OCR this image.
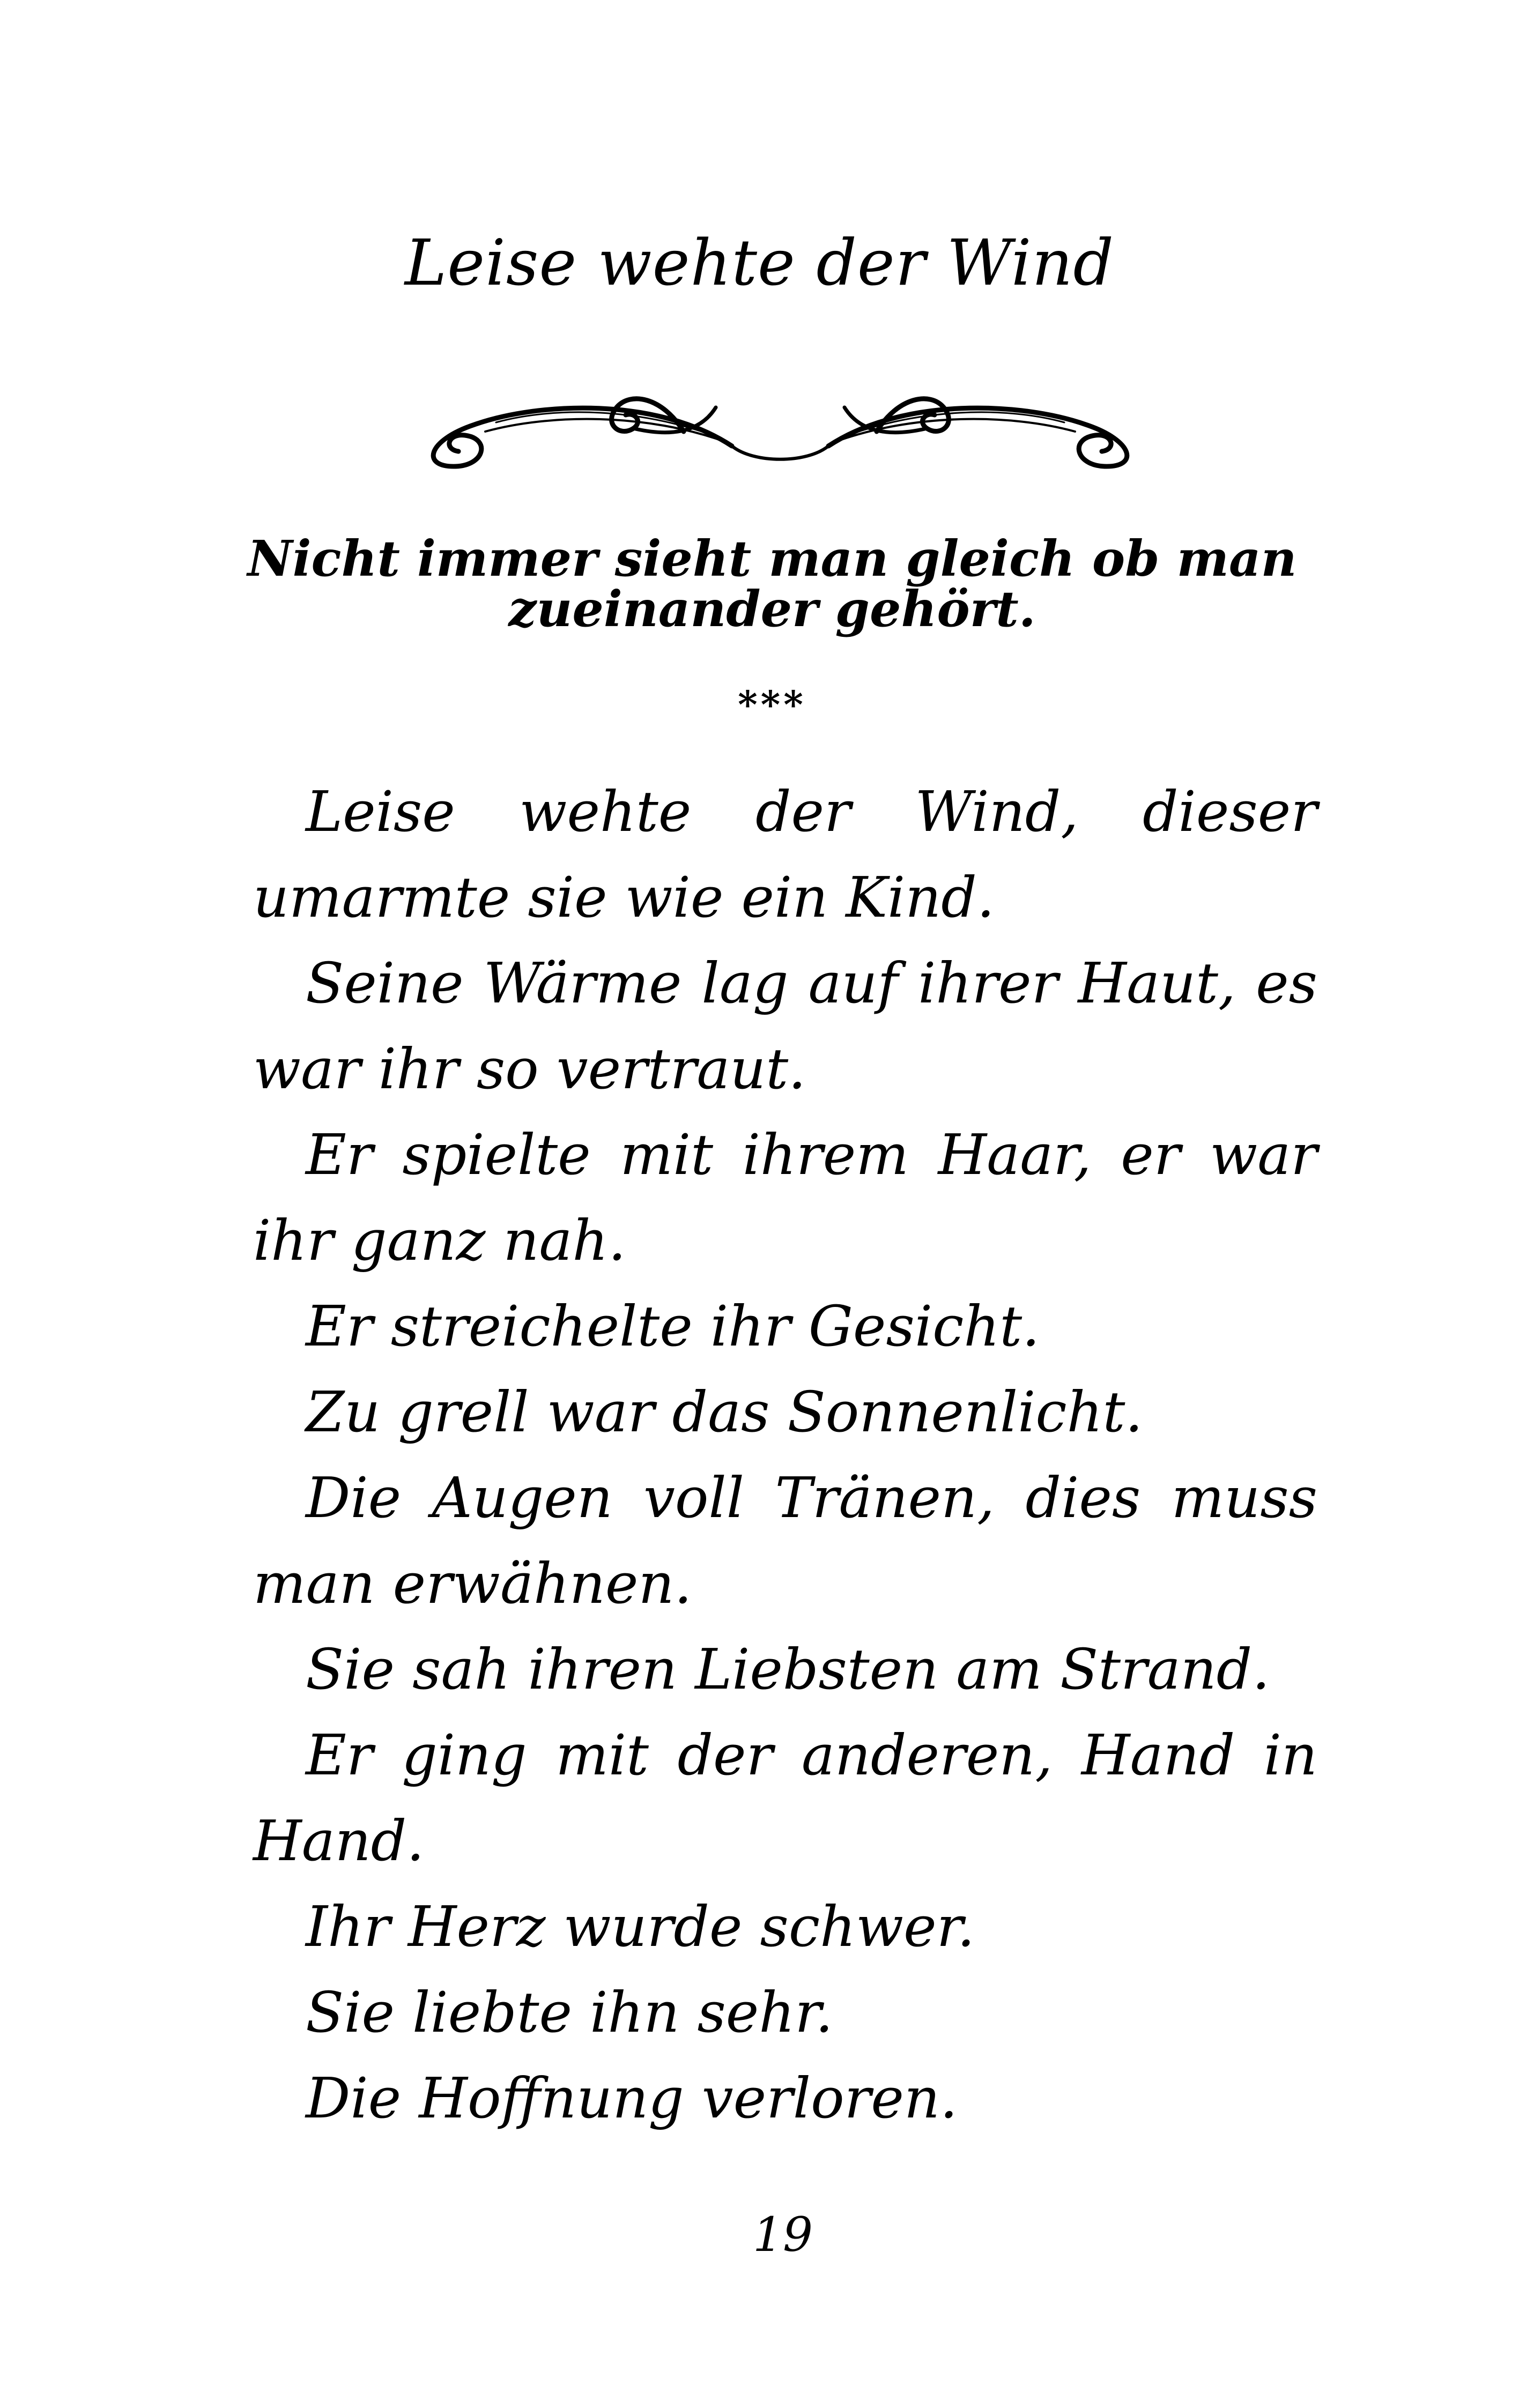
Leise wehte der Wind
Nicht immer sieht man gleich ob man
zueinander gehört.
***

Leise wehte der Wind, dieser umarmte sie wie ein Kind.

Seine Wärme lag auf ihrer Haut, es war ihr so vertraut.

Er spielte mit ihrem Haar, er war ihr ganz nah.

Er streichelte ihr Gesicht.

Zu grell war das Sonnenlicht.

Die Augen voll Tränen, dies muss man erwähnen.

Sie sah ihren Liebsten am Strand.

Er ging mit der anderen, Hand in Hand.

Ihr Herz wurde schwer.

Sie liebte ihn sehr.

Die Hoffnung verloren.

19
